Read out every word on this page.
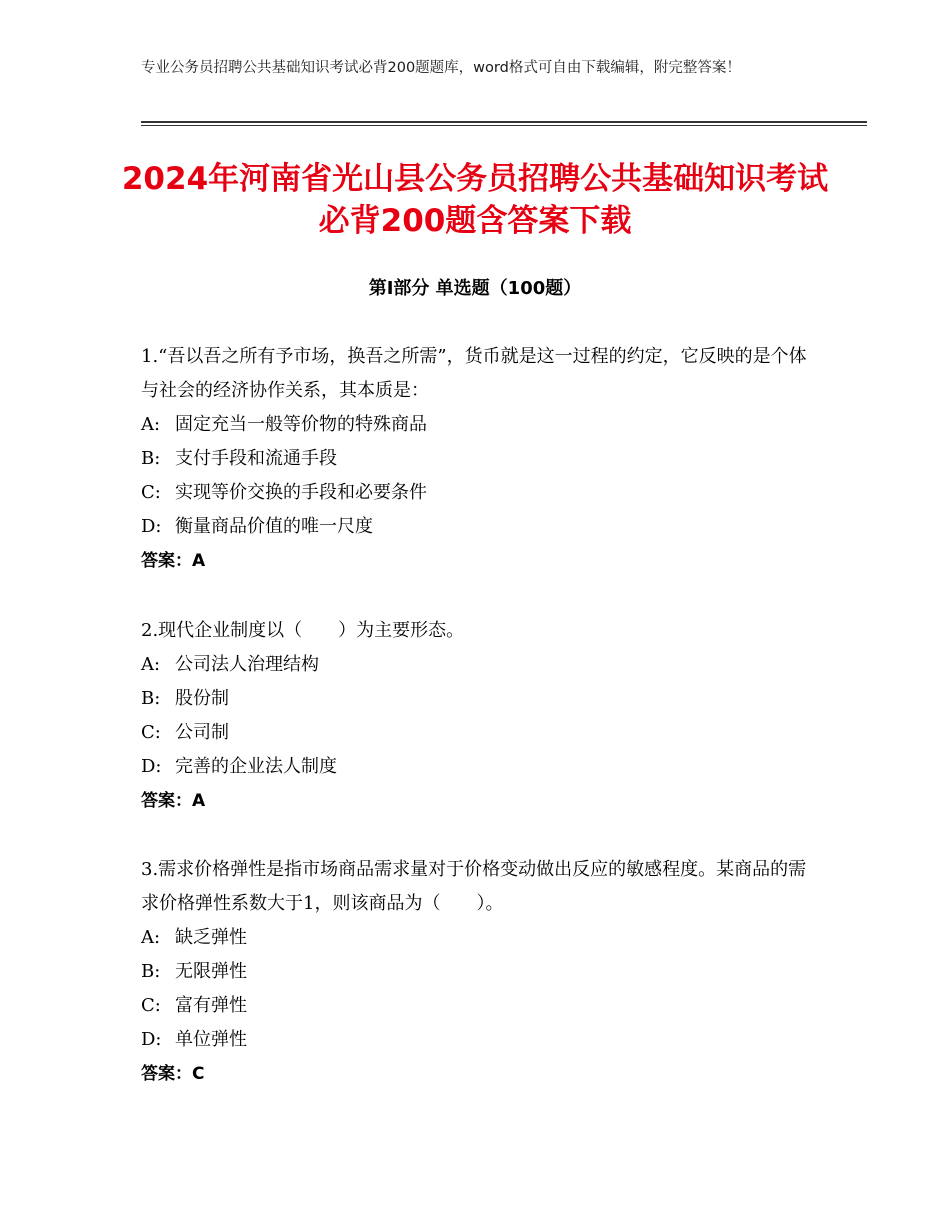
专业公务员招聘公共基础知识考试必背200题题库，word格式可自由下载编辑，附完整答案！
2024年河南省光山县公务员招聘公共基础知识考试必背200题含答案下载
第Ⅰ部分 单选题（100题）

1.“吾以吾之所有予市场，换吾之所需”，货币就是这一过程的约定，它反映的是个体与社会的经济协作关系，其本质是：

A: 固定充当一般等价物的特殊商品

B: 支付手段和流通手段

C: 实现等价交换的手段和必要条件

D: 衡量商品价值的唯一尺度

答案：A

2.现代企业制度以（　　）为主要形态。

A: 公司法人治理结构

B: 股份制

C: 公司制

D: 完善的企业法人制度

答案：A

3.需求价格弹性是指市场商品需求量对于价格变动做出反应的敏感程度。某商品的需求价格弹性系数大于1，则该商品为（　　）。

A: 缺乏弹性

B: 无限弹性

C: 富有弹性

D: 单位弹性

答案：C
